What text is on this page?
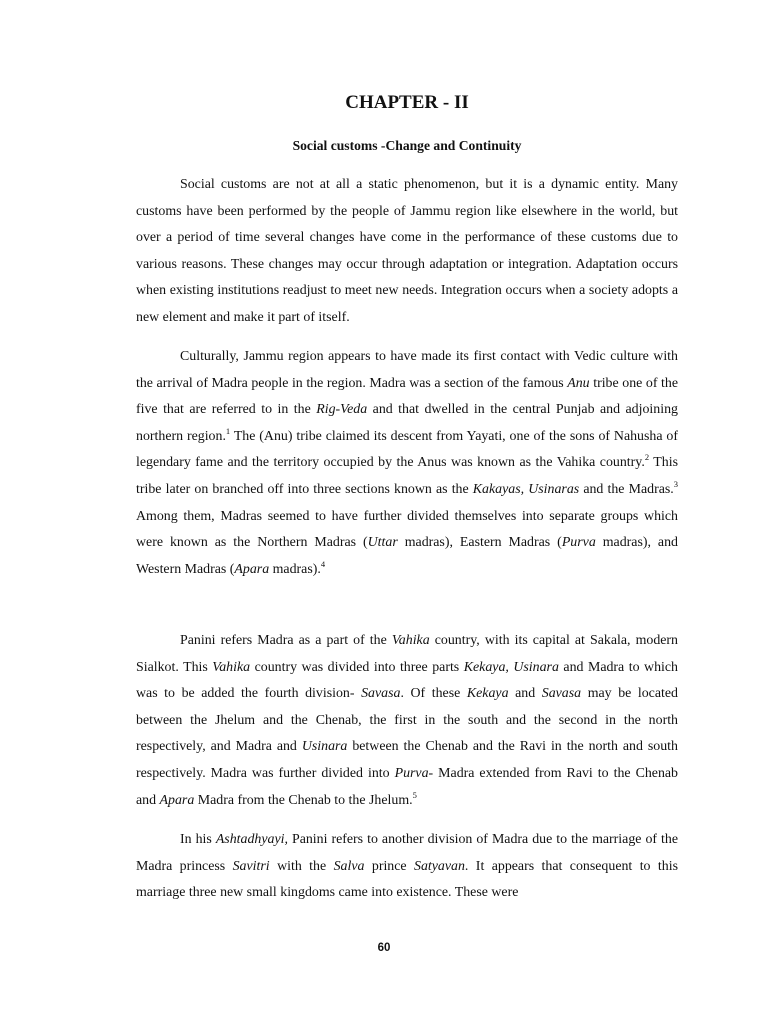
CHAPTER - II
Social customs -Change and Continuity

Social customs are not at all a static phenomenon, but it is a dynamic entity. Many customs have been performed by the people of Jammu region like elsewhere in the world, but over a period of time several changes have come in the performance of these customs due to various reasons. These changes may occur through adaptation or integration. Adaptation occurs when existing institutions readjust to meet new needs. Integration occurs when a society adopts a new element and make it part of itself.

Culturally, Jammu region appears to have made its first contact with Vedic culture with the arrival of Madra people in the region. Madra was a section of the famous Anu tribe one of the five that are referred to in the Rig-Veda and that dwelled in the central Punjab and adjoining northern region.$^1$ The (Anu) tribe claimed its descent from Yayati, one of the sons of Nahusha of legendary fame and the territory occupied by the Anus was known as the Vahika country.$^2$ This tribe later on branched off into three sections known as the Kakayas, Usinaras and the Madras.$^3$ Among them, Madras seemed to have further divided themselves into separate groups which were known as the Northern Madras (Uttar madras), Eastern Madras (Purva madras), and Western Madras (Apara madras).$^4$

Panini refers Madra as a part of the Vahika country, with its capital at Sakala, modern Sialkot. This Vahika country was divided into three parts Kekaya, Usinara and Madra to which was to be added the fourth division- Savasa. Of these Kekaya and Savasa may be located between the Jhelum and the Chenab, the first in the south and the second in the north respectively, and Madra and Usinara between the Chenab and the Ravi in the north and south respectively. Madra was further divided into Purva- Madra extended from Ravi to the Chenab and Apara Madra from the Chenab to the Jhelum.$^5$

In his Ashtadhyayi, Panini refers to another division of Madra due to the marriage of the Madra princess Savitri with the Salva prince Satyavan. It appears that consequent to this marriage three new small kingdoms came into existence. These were

60
